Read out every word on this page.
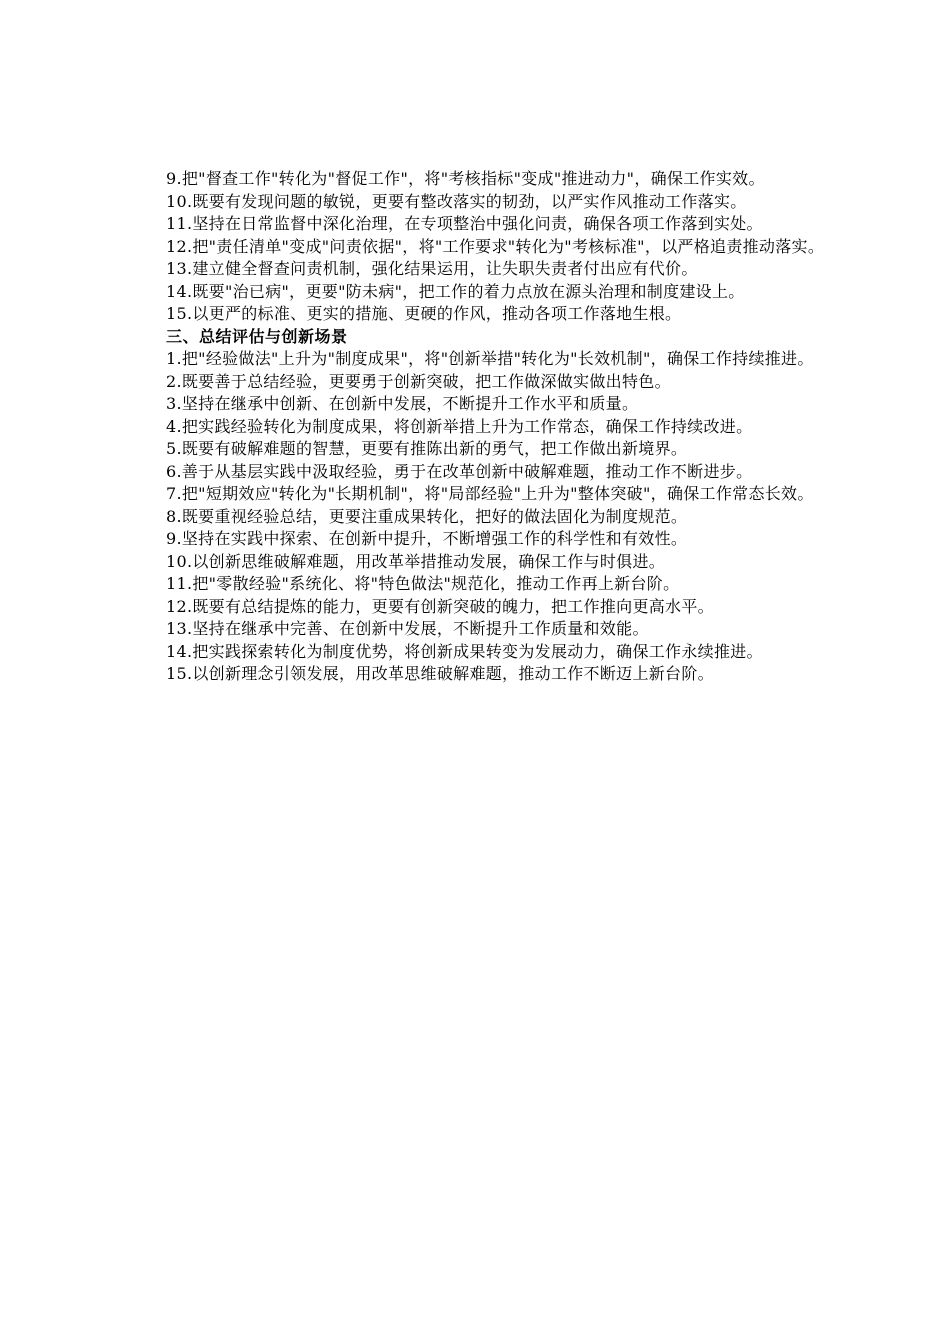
9.把"督查工作"转化为"督促工作"，将"考核指标"变成"推进动力"，确保工作实效。

10.既要有发现问题的敏锐，更要有整改落实的韧劲，以严实作风推动工作落实。

11.坚持在日常监督中深化治理，在专项整治中强化问责，确保各项工作落到实处。

12.把"责任清单"变成"问责依据"，将"工作要求"转化为"考核标准"，以严格追责推动落实。

13.建立健全督查问责机制，强化结果运用，让失职失责者付出应有代价。

14.既要"治已病"，更要"防未病"，把工作的着力点放在源头治理和制度建设上。

15.以更严的标准、更实的措施、更硬的作风，推动各项工作落地生根。

三、总结评估与创新场景

1.把"经验做法"上升为"制度成果"，将"创新举措"转化为"长效机制"，确保工作持续推进。

2.既要善于总结经验，更要勇于创新突破，把工作做深做实做出特色。

3.坚持在继承中创新、在创新中发展，不断提升工作水平和质量。

4.把实践经验转化为制度成果，将创新举措上升为工作常态，确保工作持续改进。

5.既要有破解难题的智慧，更要有推陈出新的勇气，把工作做出新境界。

6.善于从基层实践中汲取经验，勇于在改革创新中破解难题，推动工作不断进步。

7.把"短期效应"转化为"长期机制"，将"局部经验"上升为"整体突破"，确保工作常态长效。

8.既要重视经验总结，更要注重成果转化，把好的做法固化为制度规范。

9.坚持在实践中探索、在创新中提升，不断增强工作的科学性和有效性。

10.以创新思维破解难题，用改革举措推动发展，确保工作与时俱进。

11.把"零散经验"系统化、将"特色做法"规范化，推动工作再上新台阶。

12.既要有总结提炼的能力，更要有创新突破的魄力，把工作推向更高水平。

13.坚持在继承中完善、在创新中发展，不断提升工作质量和效能。

14.把实践探索转化为制度优势，将创新成果转变为发展动力，确保工作永续推进。

15.以创新理念引领发展，用改革思维破解难题，推动工作不断迈上新台阶。
